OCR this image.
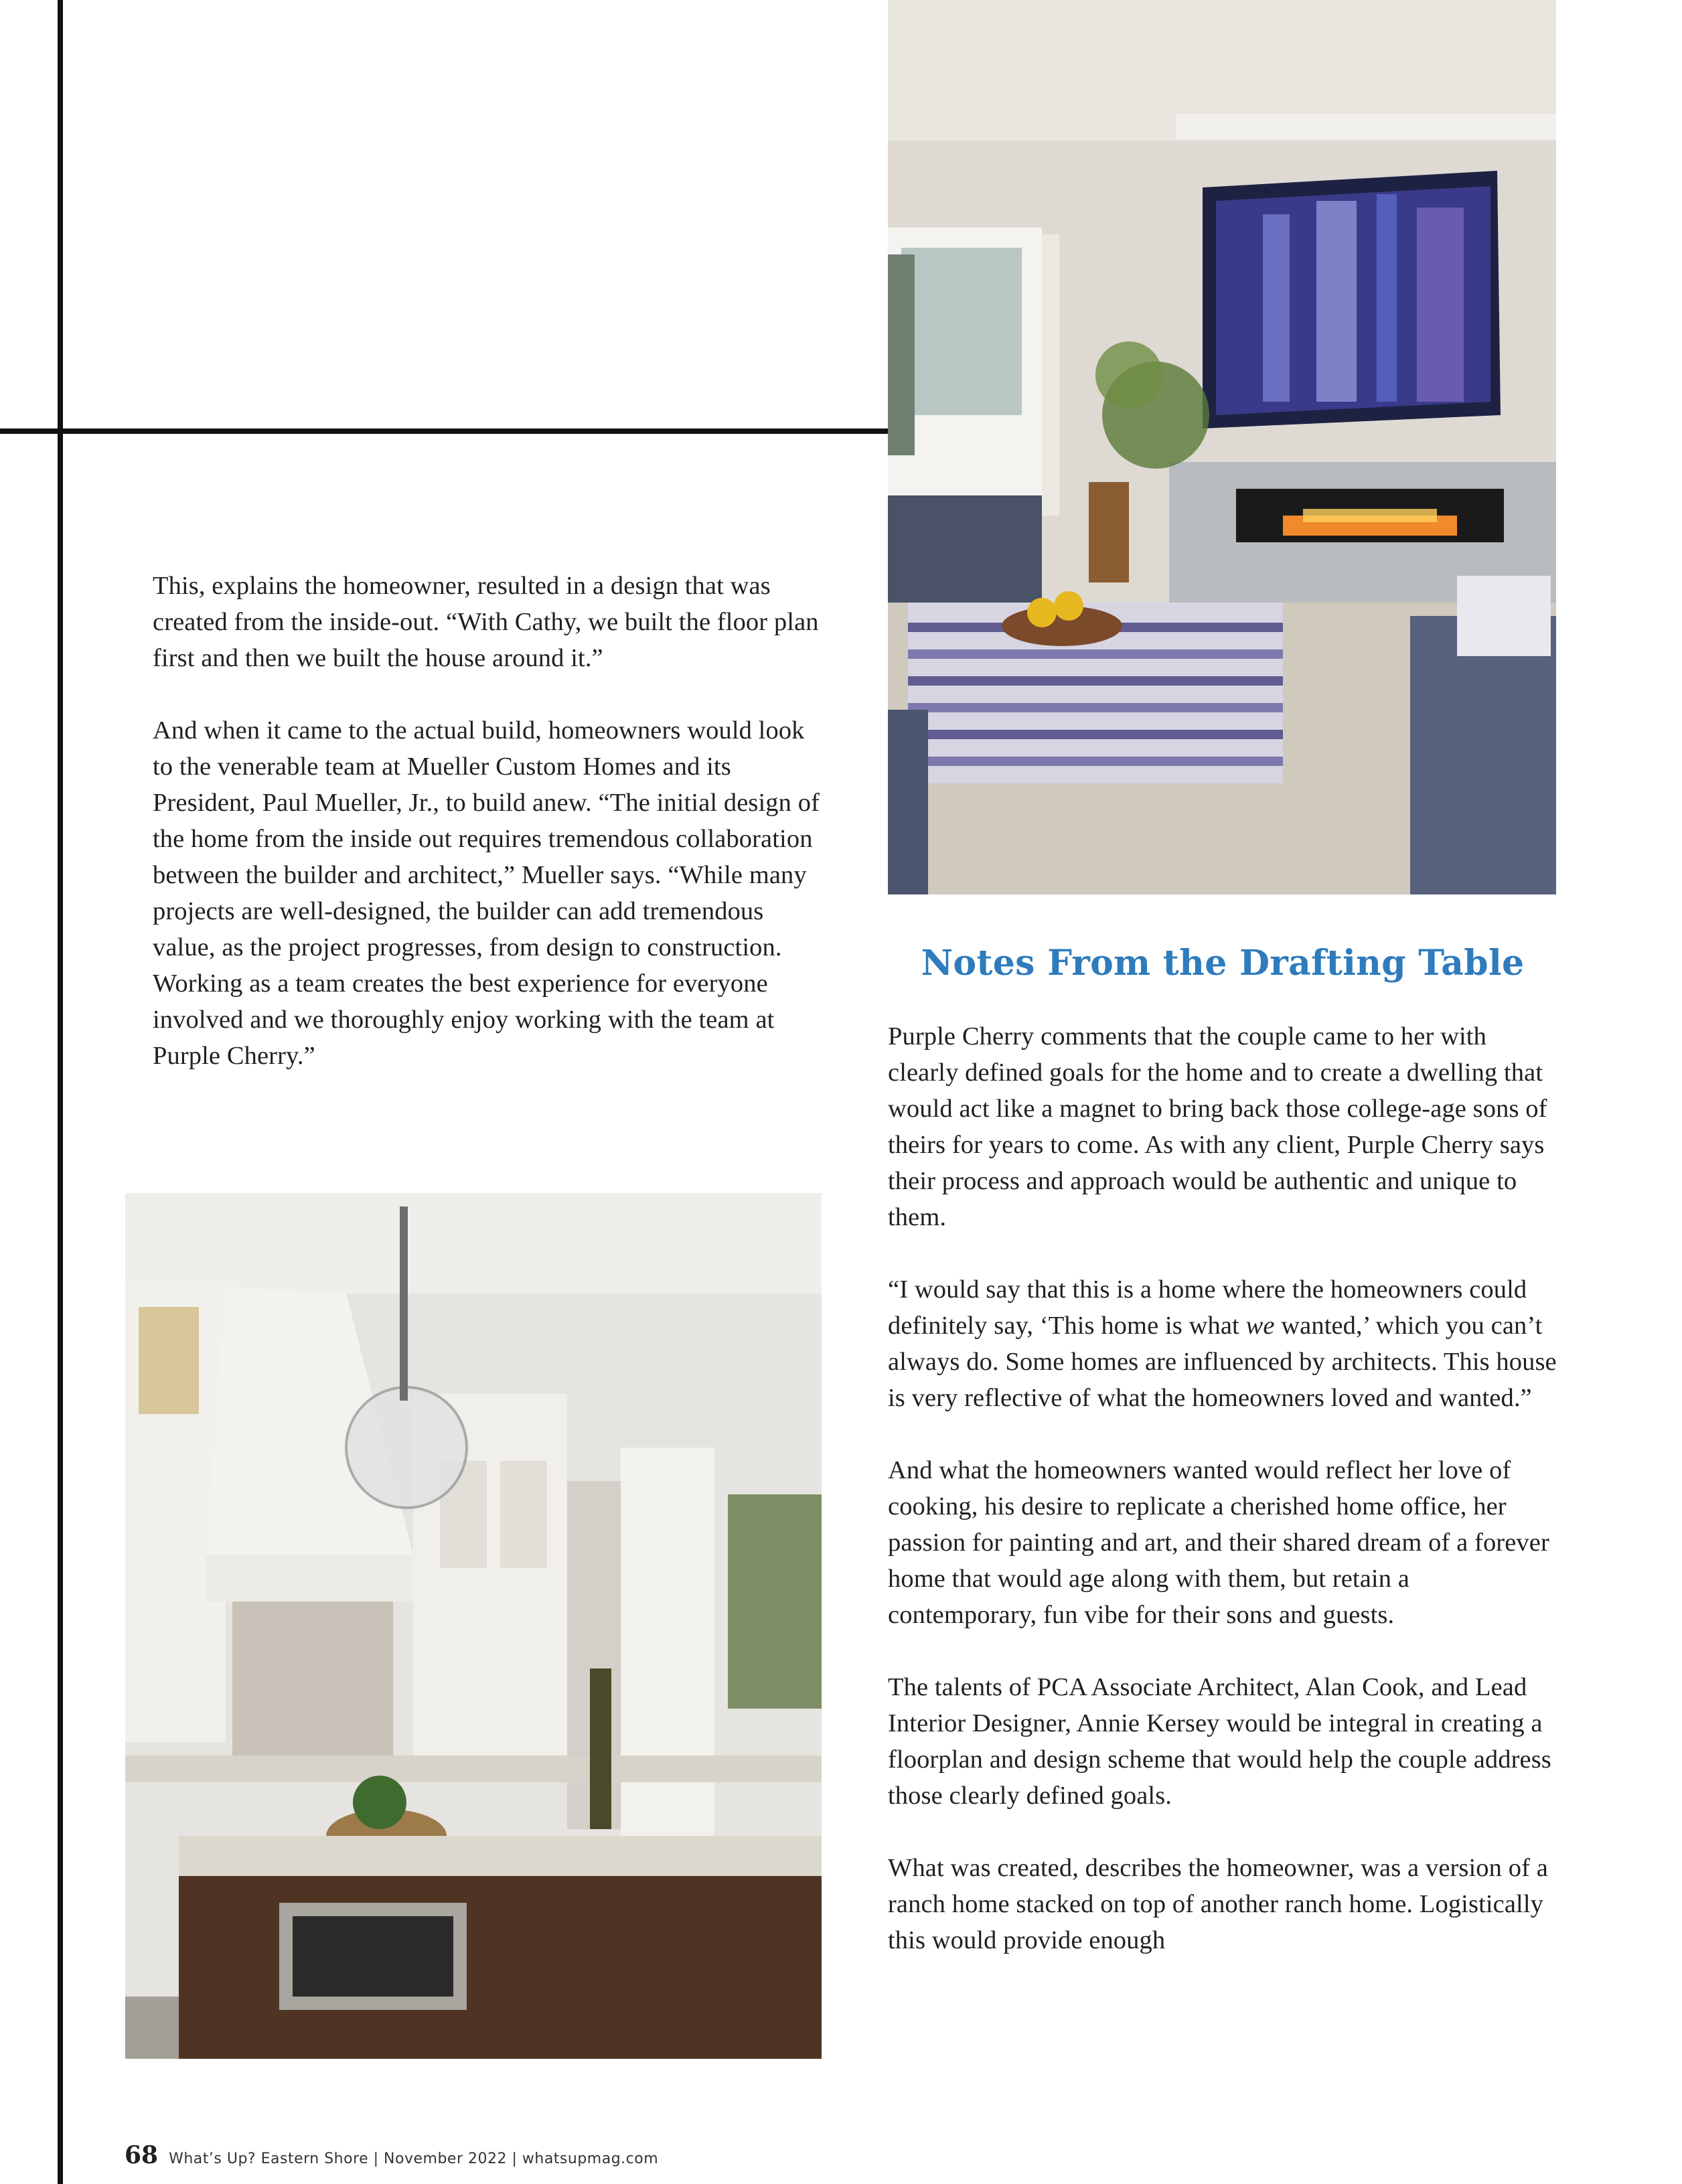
This, explains the homeowner, resulted in a design that was created from the inside-out. “With Cathy, we built the floor plan first and then we built the house around it.”

And when it came to the actual build, homeowners would look to the venerable team at Mueller Custom Homes and its President, Paul Mueller, Jr., to build anew. “The initial design of the home from the inside out requires tremendous collaboration between the builder and architect,” Mueller says. “While many projects are well-designed, the builder can add tremendous value, as the project progresses, from design to construction. Working as a team creates the best experience for everyone involved and we thoroughly enjoy working with the team at Purple Cherry.”

Notes From the Drafting Table

Purple Cherry comments that the couple came to her with clearly defined goals for the home and to create a dwelling that would act like a magnet to bring back those college-age sons of theirs for years to come. As with any client, Purple Cherry says their process and approach would be authentic and unique to them.

“I would say that this is a home where the homeowners could definitely say, ‘This home is what we wanted,’ which you can’t always do. Some homes are influenced by architects. This house is very reflective of what the homeowners loved and wanted.”

And what the homeowners wanted would reflect her love of cooking, his desire to replicate a cherished home office, her passion for painting and art, and their shared dream of a forever home that would age along with them, but retain a contemporary, fun vibe for their sons and guests.

The talents of PCA Associate Architect, Alan Cook, and Lead Interior Designer, Annie Kersey would be integral in creating a floorplan and design scheme that would help the couple address those clearly defined goals.

What was created, describes the homeowner, was a version of a ranch home stacked on top of another ranch home. Logistically this would provide enough

68 What’s Up? Eastern Shore | November 2022 | whatsupmag.com
